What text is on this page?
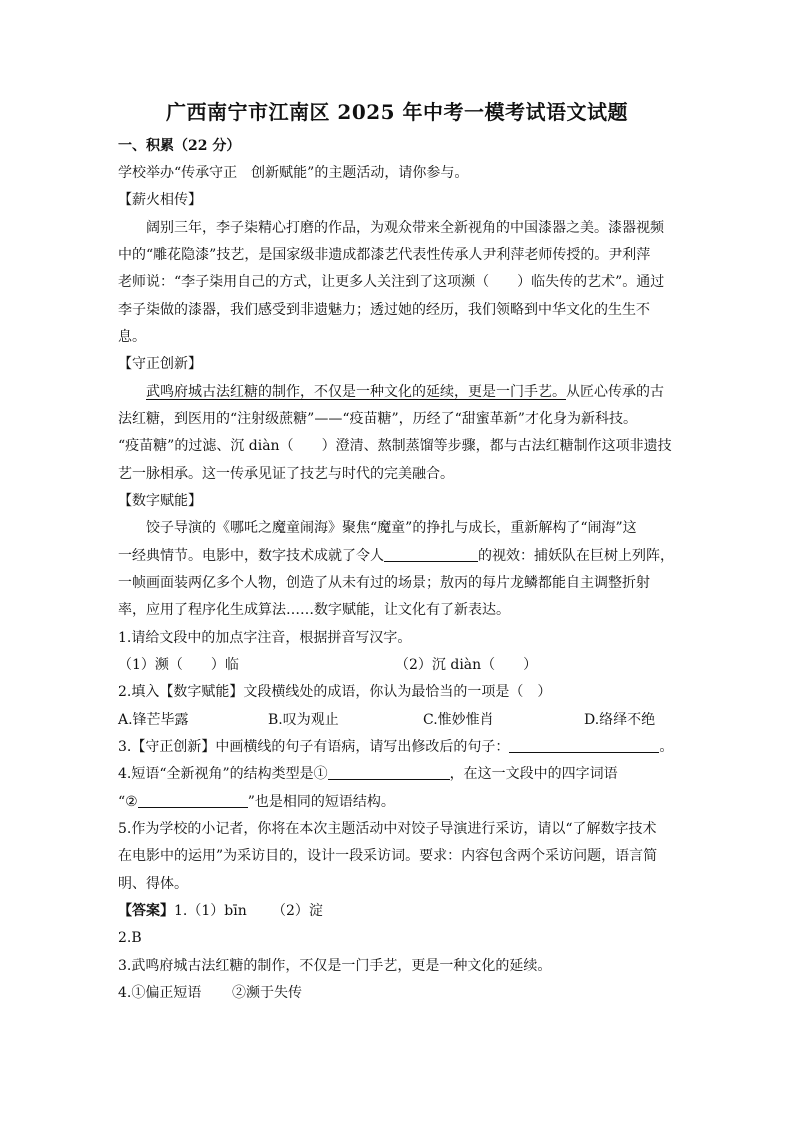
广西南宁市江南区 2025 年中考一模考试语文试题
一、积累（22 分）
学校举办“传承守正　创新赋能”的主题活动，请你参与。
【薪火相传】
阔别三年，李子柒精心打磨的作品，为观众带来全新视角的中国漆器之美。漆器视频
中的“雕花隐漆”技艺，是国家级非遗成都漆艺代表性传承人尹利萍老师传授的。尹利萍
老师说：“李子柒用自己的方式，让更多人关注到了这项濒（　　）临失传的艺术”。通过
李子柒做的漆器，我们感受到非遗魅力；透过她的经历，我们领略到中华文化的生生不
息。
【守正创新】
武鸣府城古法红糖的制作，不仅是一种文化的延续，更是一门手艺。从匠心传承的古
法红糖，到医用的“注射级蔗糖”——“疫苗糖”，历经了“甜蜜革新”才化身为新科技。
“疫苗糖”的过滤、沉 diàn（　　）澄清、熬制蒸馏等步骤，都与古法红糖制作这项非遗技
艺一脉相承。这一传承见证了技艺与时代的完美融合。
【数字赋能】
饺子导演的《哪吒之魔童闹海》聚焦“魔童”的挣扎与成长，重新解构了“闹海”这
一经典情节。电影中，数字技术成就了令人	的视效：捕妖队在巨树上列阵，
一帧画面装两亿多个人物，创造了从未有过的场景；敖丙的每片龙鳞都能自主调整折射
率，应用了程序化生成算法……数字赋能，让文化有了新表达。
1.请给文段中的加点字注音，根据拼音写汉字。
（1）濒（　　）临	（2）沉 diàn（　　）
2.填入【数字赋能】文段横线处的成语，你认为最恰当的一项是（　）
A.锋芒毕露	B.叹为观止	C.惟妙惟肖	D.络绎不绝
3.【守正创新】中画横线的句子有语病，请写出修改后的句子：	。
4.短语“全新视角”的结构类型是①	，在这一文段中的四字词语
“②	”也是相同的短语结构。
5.作为学校的小记者，你将在本次主题活动中对饺子导演进行采访，请以“了解数字技术
在电影中的运用”为采访目的，设计一段采访词。要求：内容包含两个采访问题，语言简
明、得体。
【答案】1.（1）bīn （2）淀
2.B
3.武鸣府城古法红糖的制作，不仅是一门手艺，更是一种文化的延续。
4.①偏正短语 ②濒于失传
